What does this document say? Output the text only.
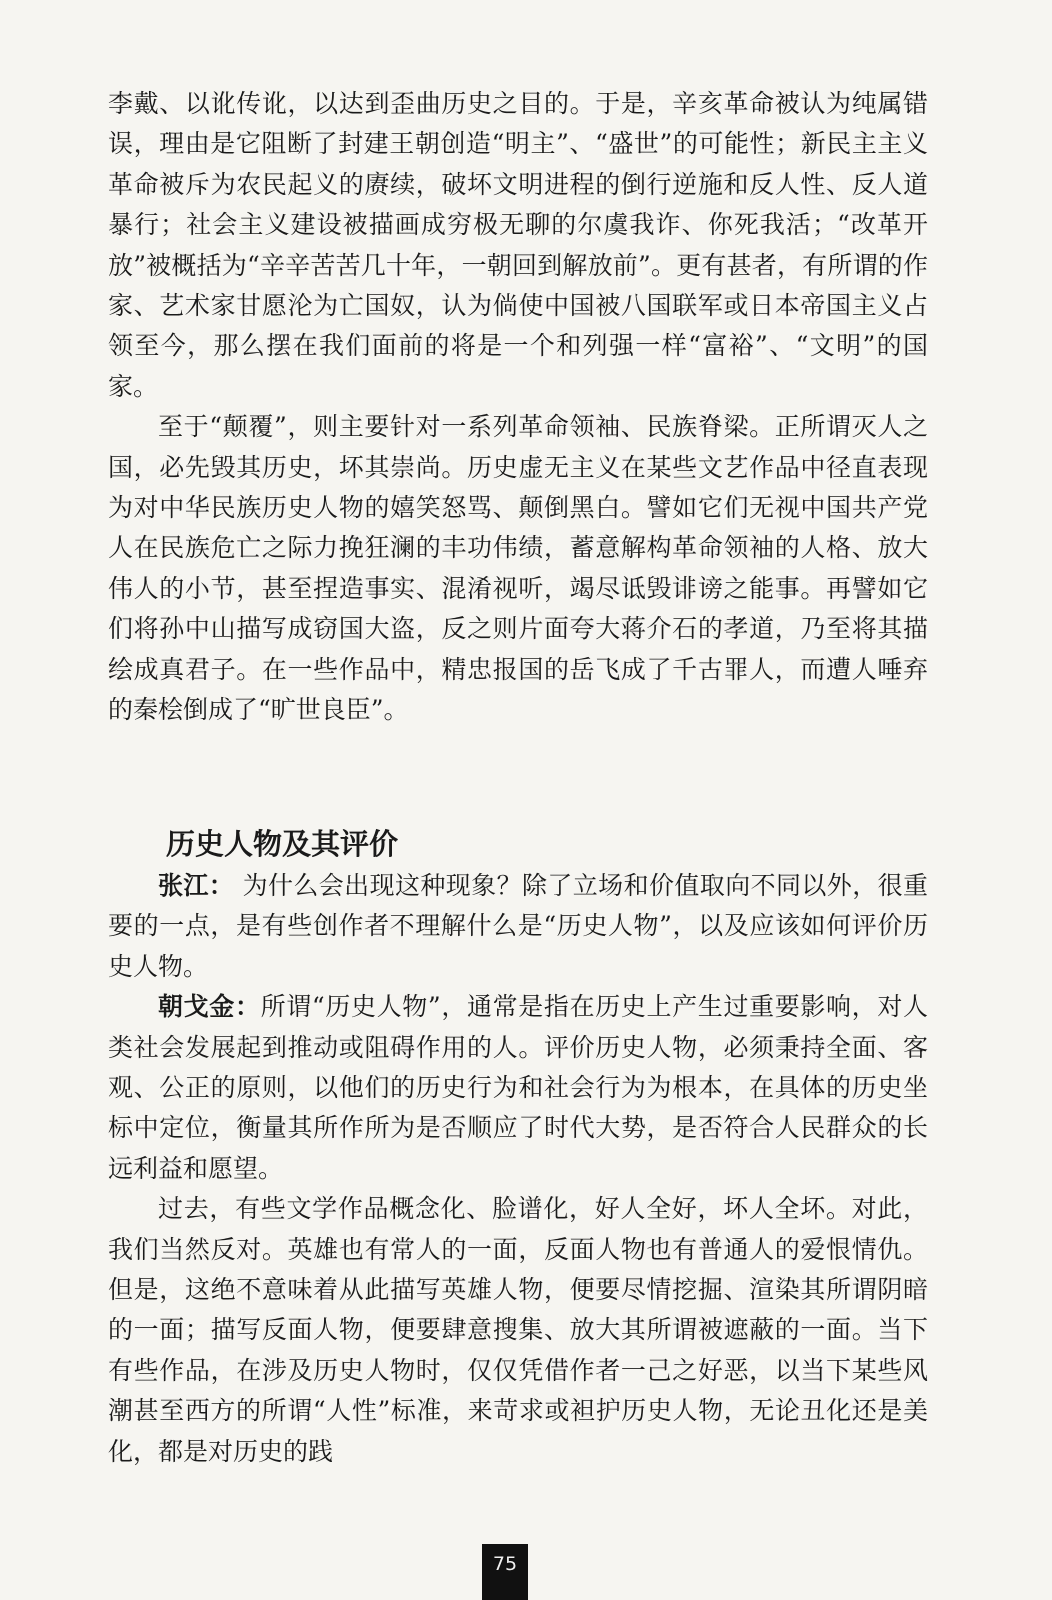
李戴、以讹传讹，以达到歪曲历史之目的。于是，辛亥革命被认为纯属错误，理由是它阻断了封建王朝创造“明主”、“盛世”的可能性；新民主主义革命被斥为农民起义的赓续，破坏文明进程的倒行逆施和反人性、反人道暴行；社会主义建设被描画成穷极无聊的尔虞我诈、你死我活；“改革开放”被概括为“辛辛苦苦几十年，一朝回到解放前”。更有甚者，有所谓的作家、艺术家甘愿沦为亡国奴，认为倘使中国被八国联军或日本帝国主义占领至今，那么摆在我们面前的将是一个和列强一样“富裕”、“文明”的国家。

至于“颠覆”，则主要针对一系列革命领袖、民族脊梁。正所谓灭人之国，必先毁其历史，坏其崇尚。历史虚无主义在某些文艺作品中径直表现为对中华民族历史人物的嬉笑怒骂、颠倒黑白。譬如它们无视中国共产党人在民族危亡之际力挽狂澜的丰功伟绩，蓄意解构革命领袖的人格、放大伟人的小节，甚至捏造事实、混淆视听，竭尽诋毁诽谤之能事。再譬如它们将孙中山描写成窃国大盗，反之则片面夸大蒋介石的孝道，乃至将其描绘成真君子。在一些作品中，精忠报国的岳飞成了千古罪人，而遭人唾弃的秦桧倒成了“旷世良臣”。

历史人物及其评价

张江： 为什么会出现这种现象？除了立场和价值取向不同以外，很重要的一点，是有些创作者不理解什么是“历史人物”，以及应该如何评价历史人物。

朝戈金：所谓“历史人物”，通常是指在历史上产生过重要影响，对人类社会发展起到推动或阻碍作用的人。评价历史人物，必须秉持全面、客观、公正的原则，以他们的历史行为和社会行为为根本，在具体的历史坐标中定位，衡量其所作所为是否顺应了时代大势，是否符合人民群众的长远利益和愿望。

过去，有些文学作品概念化、脸谱化，好人全好，坏人全坏。对此，我们当然反对。英雄也有常人的一面，反面人物也有普通人的爱恨情仇。但是，这绝不意味着从此描写英雄人物，便要尽情挖掘、渲染其所谓阴暗的一面；描写反面人物，便要肆意搜集、放大其所谓被遮蔽的一面。当下有些作品，在涉及历史人物时，仅仅凭借作者一己之好恶，以当下某些风潮甚至西方的所谓“人性”标准，来苛求或袒护历史人物，无论丑化还是美化，都是对历史的践

75
